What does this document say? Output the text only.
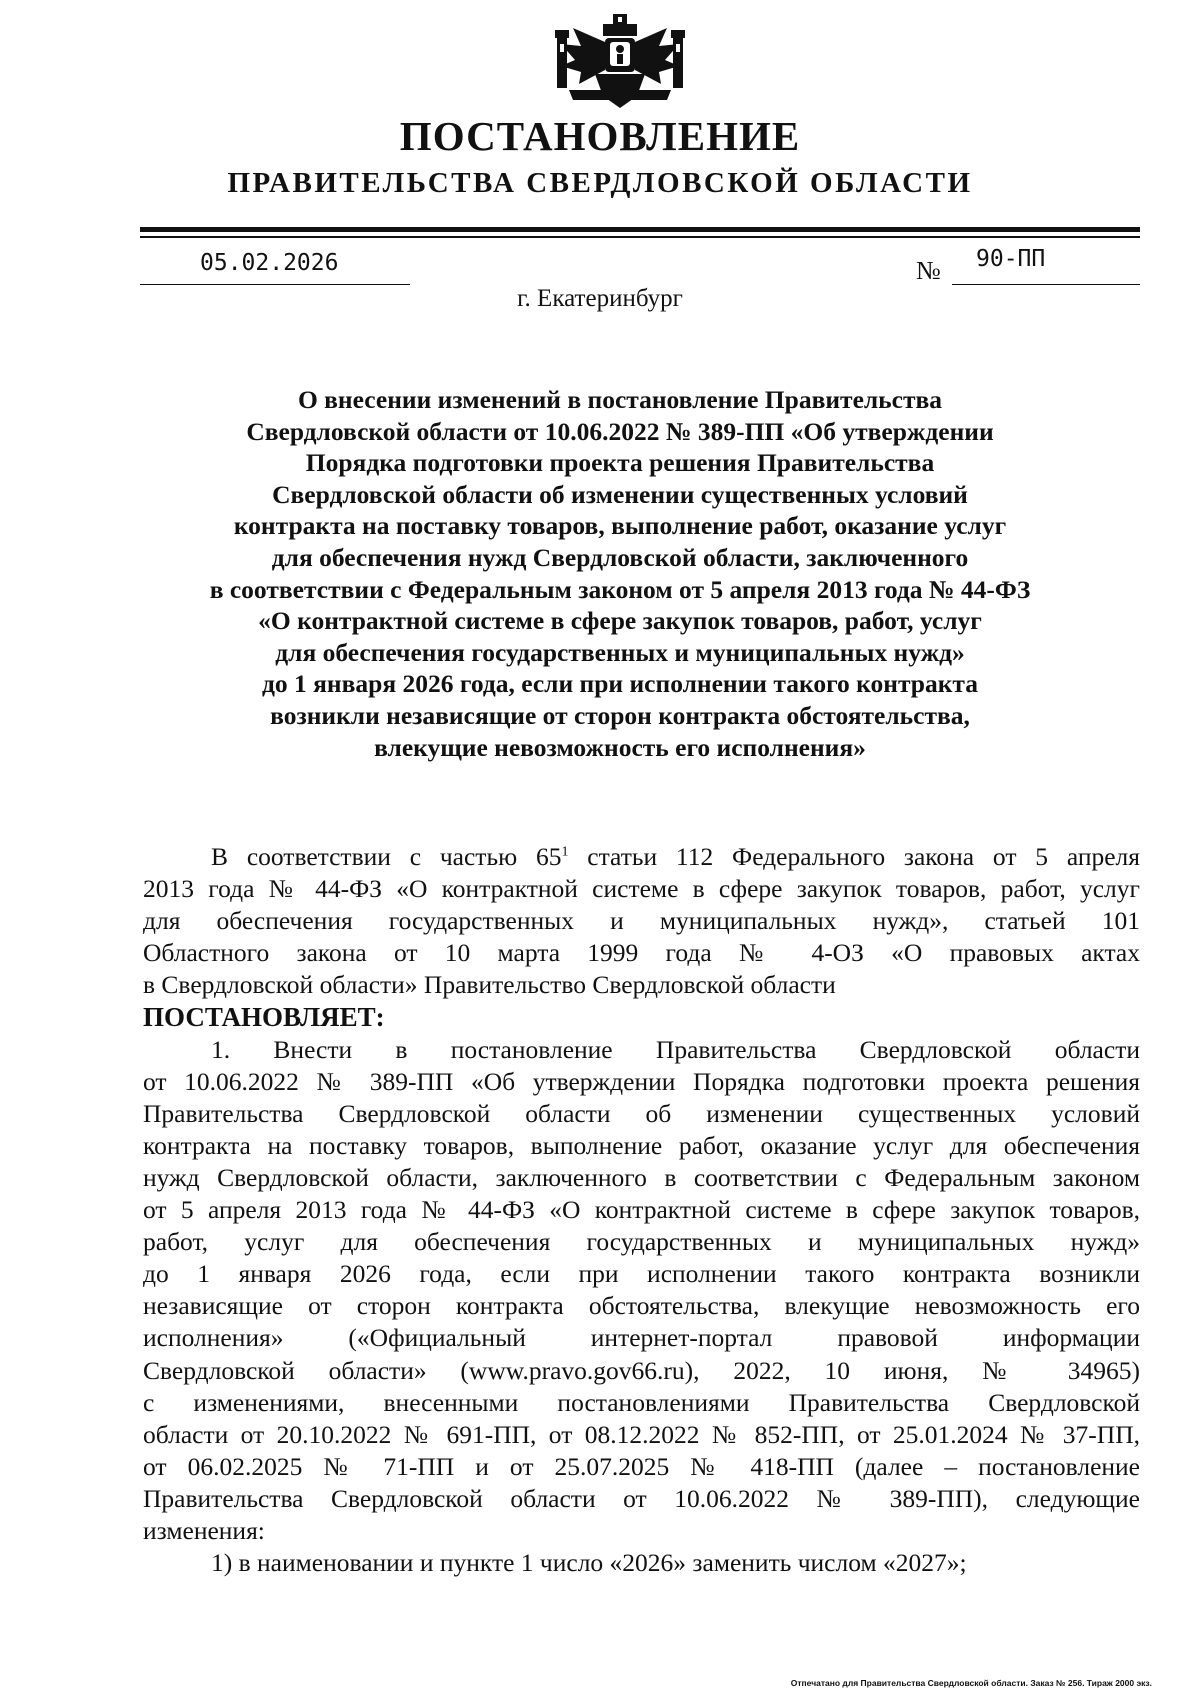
ПОСТАНОВЛЕНИЕ
ПРАВИТЕЛЬСТВА СВЕРДЛОВСКОЙ ОБЛАСТИ
05.02.2026	№ 90-ПП
г. Екатеринбург
О внесении изменений в постановление Правительства
Свердловской области от 10.06.2022 № 389-ПП «Об утверждении
Порядка подготовки проекта решения Правительства
Свердловской области об изменении существенных условий
контракта на поставку товаров, выполнение работ, оказание услуг
для обеспечения нужд Свердловской области, заключенного
в соответствии с Федеральным законом от 5 апреля 2013 года № 44-ФЗ
«О контрактной системе в сфере закупок товаров, работ, услуг
для обеспечения государственных и муниципальных нужд»
до 1 января 2026 года, если при исполнении такого контракта
возникли независящие от сторон контракта обстоятельства,
влекущие невозможность его исполнения»
В соответствии с частью $65^1$ статьи 112 Федерального закона от 5 апреля
2013 года № 44-ФЗ «О контрактной системе в сфере закупок товаров, работ, услуг
для обеспечения государственных и муниципальных нужд», статьей 101
Областного закона от 10 марта 1999 года № 4-ОЗ «О правовых актах
в Свердловской области» Правительство Свердловской области
ПОСТАНОВЛЯЕТ:
1. Внести в постановление Правительства Свердловской области
от 10.06.2022 № 389-ПП «Об утверждении Порядка подготовки проекта решения
Правительства Свердловской области об изменении существенных условий
контракта на поставку товаров, выполнение работ, оказание услуг для обеспечения
нужд Свердловской области, заключенного в соответствии с Федеральным законом
от 5 апреля 2013 года № 44-ФЗ «О контрактной системе в сфере закупок товаров,
работ, услуг для обеспечения государственных и муниципальных нужд»
до 1 января 2026 года, если при исполнении такого контракта возникли
независящие от сторон контракта обстоятельства, влекущие невозможность его
исполнения» («Официальный интернет-портал правовой информации
Свердловской области» (www.pravo.gov66.ru), 2022, 10 июня, № 34965)
с изменениями, внесенными постановлениями Правительства Свердловской
области от 20.10.2022 № 691-ПП, от 08.12.2022 № 852-ПП, от 25.01.2024 № 37-ПП,
от 06.02.2025 № 71-ПП и от 25.07.2025 № 418-ПП (далее – постановление
Правительства Свердловской области от 10.06.2022 № 389-ПП), следующие
изменения:
1) в наименовании и пункте 1 число «2026» заменить числом «2027»;
Отпечатано для Правительства Свердловской области. Заказ № 256. Тираж 2000 экз.
